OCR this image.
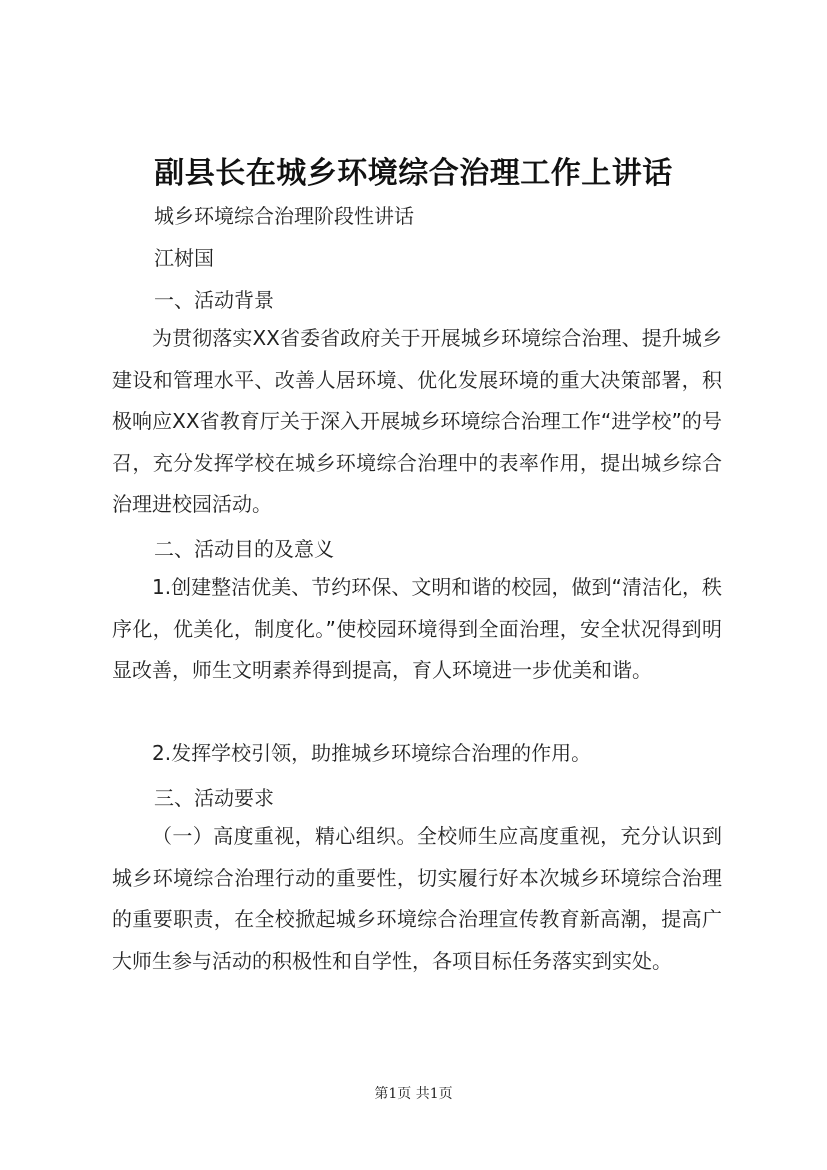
副县长在城乡环境综合治理工作上讲话
城乡环境综合治理阶段性讲话
江树国
一、活动背景
为贯彻落实XX省委省政府关于开展城乡环境综合治理、提升城乡建设和管理水平、改善人居环境、优化发展环境的重大决策部署，积极响应XX省教育厅关于深入开展城乡环境综合治理工作“进学校”的号召，充分发挥学校在城乡环境综合治理中的表率作用，提出城乡综合治理进校园活动。
二、活动目的及意义
1.创建整洁优美、节约环保、文明和谐的校园，做到“清洁化，秩序化，优美化，制度化。”使校园环境得到全面治理，安全状况得到明显改善，师生文明素养得到提高，育人环境进一步优美和谐。
2.发挥学校引领，助推城乡环境综合治理的作用。
三、活动要求
（一）高度重视，精心组织。全校师生应高度重视，充分认识到城乡环境综合治理行动的重要性，切实履行好本次城乡环境综合治理的重要职责，在全校掀起城乡环境综合治理宣传教育新高潮，提高广大师生参与活动的积极性和自学性，各项目标任务落实到实处。
第1页 共1页
